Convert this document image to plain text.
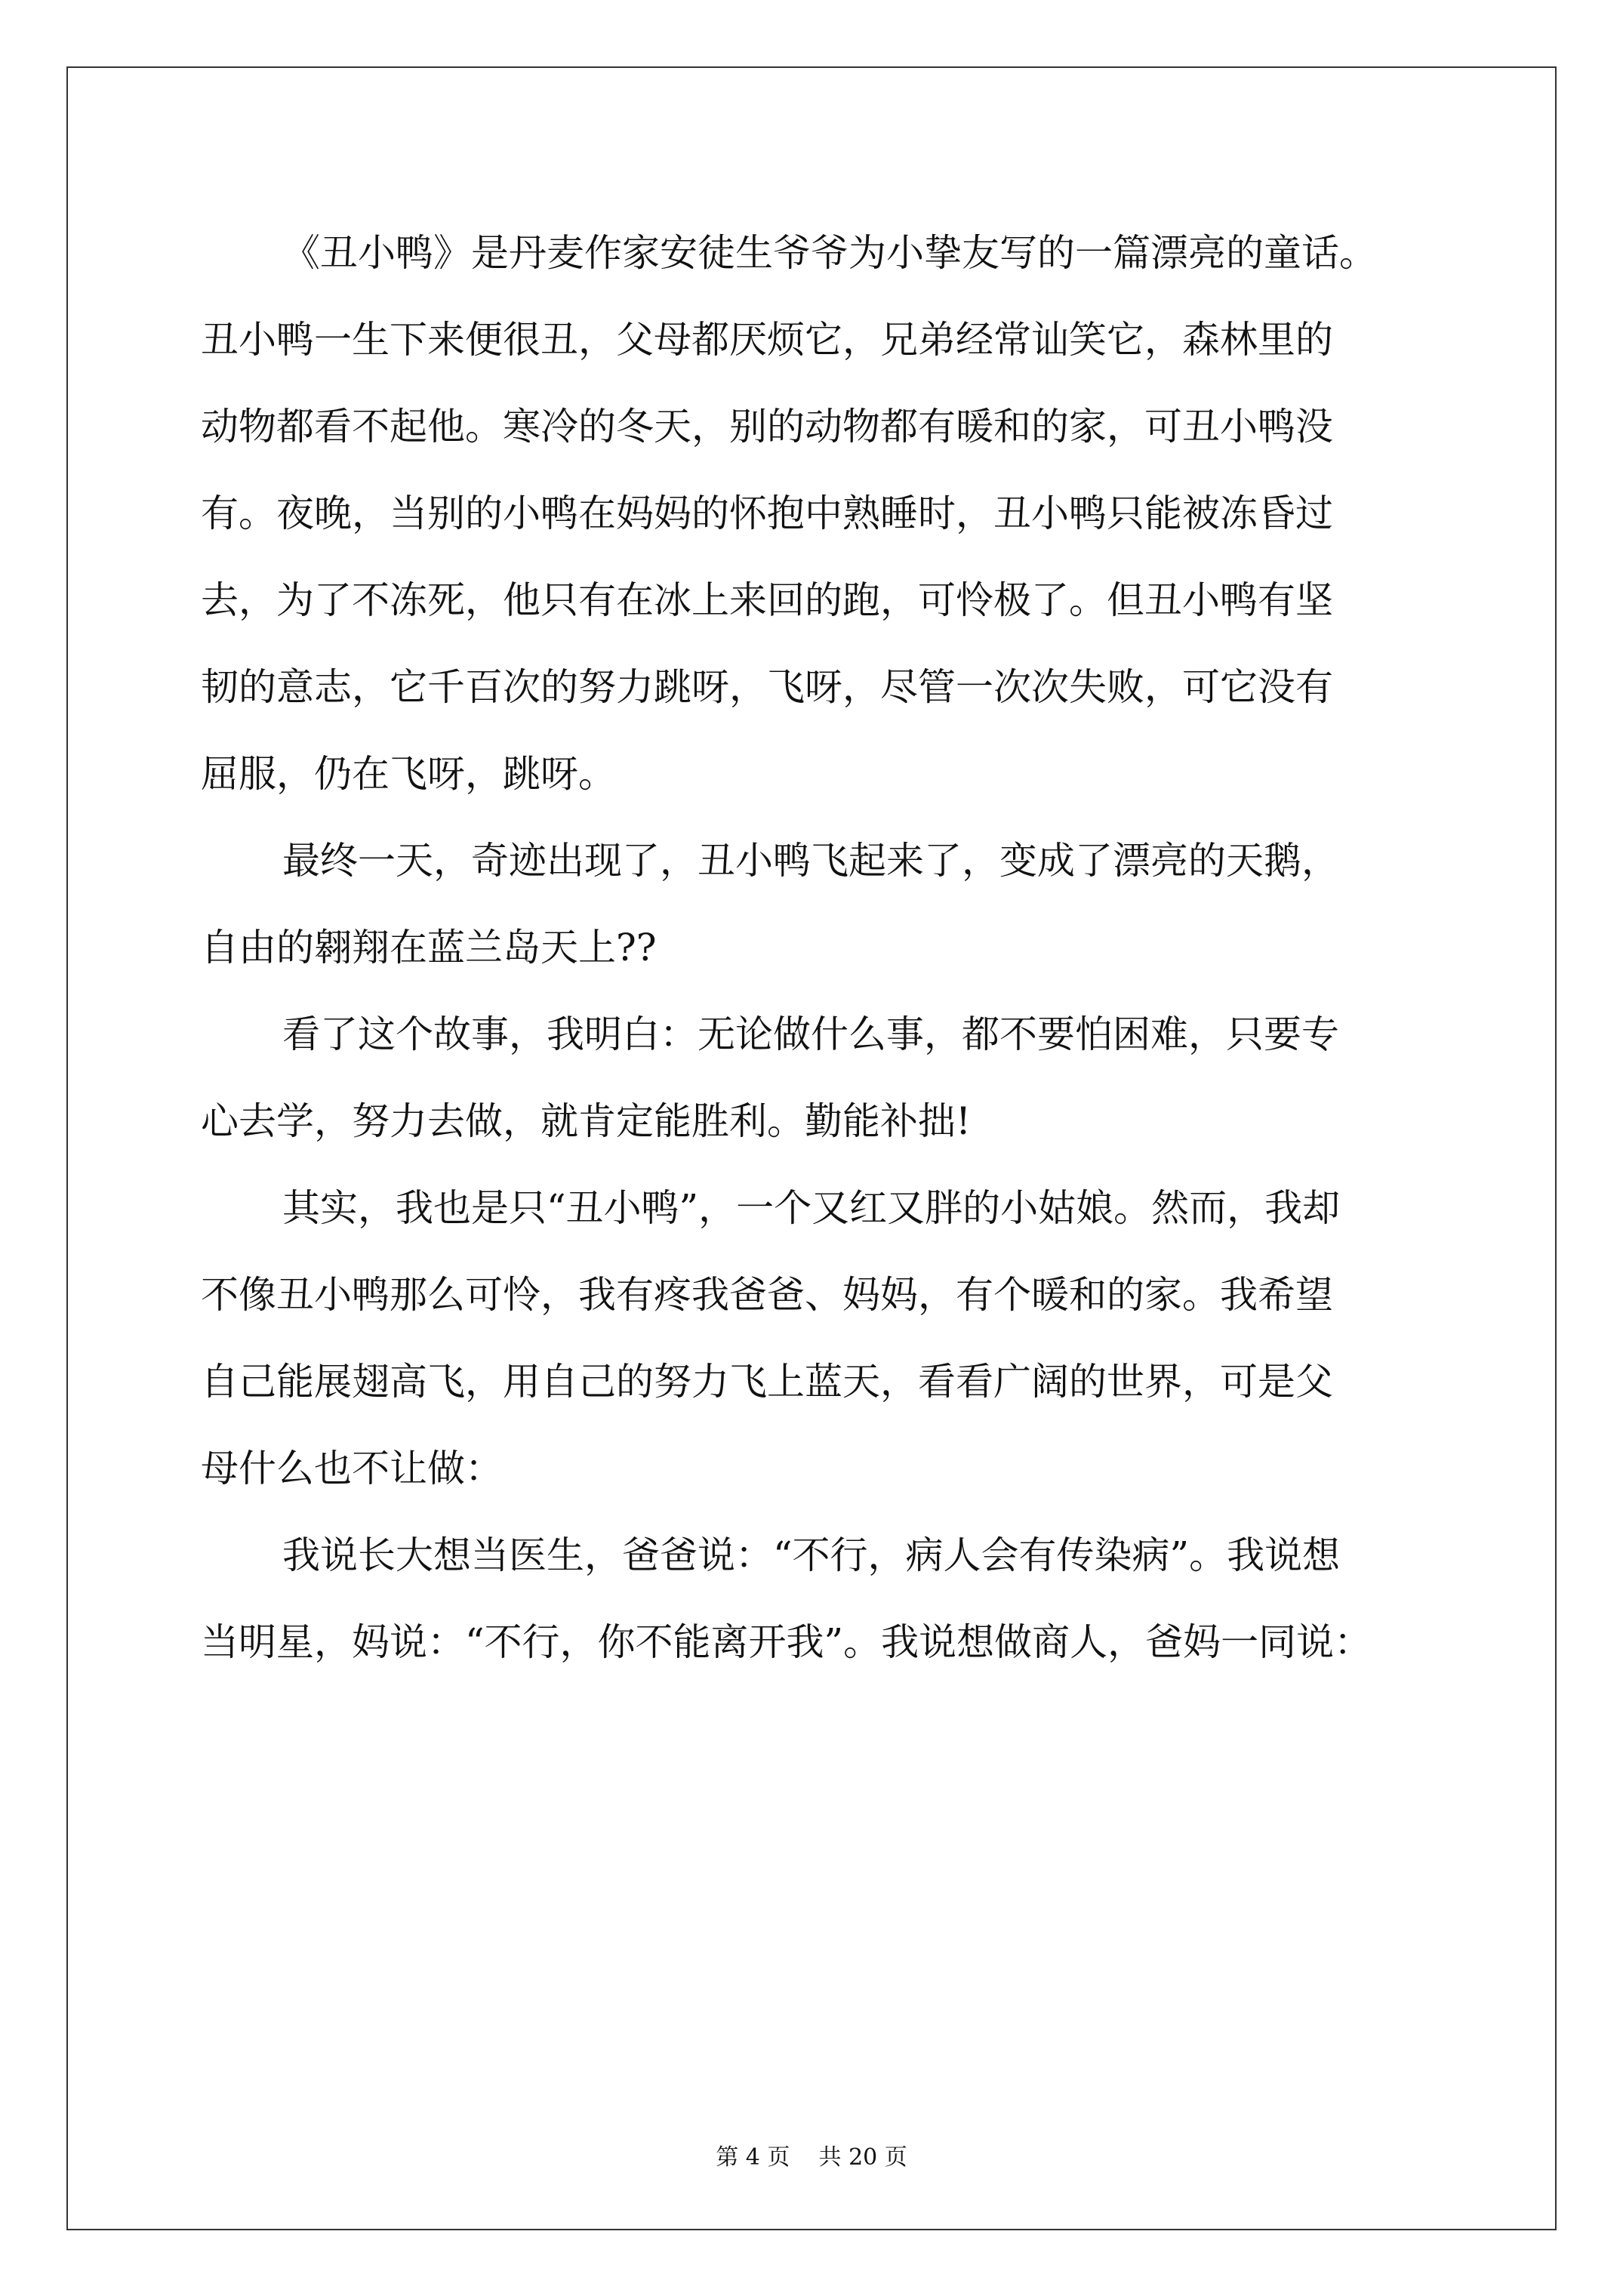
《丑小鸭》是丹麦作家安徒生爷爷为小挚友写的一篇漂亮的童话。
丑小鸭一生下来便很丑，父母都厌烦它，兄弟经常讪笑它，森林里的
动物都看不起他。寒冷的冬天，别的动物都有暖和的家，可丑小鸭没
有。夜晚，当别的小鸭在妈妈的怀抱中熟睡时，丑小鸭只能被冻昏过
去，为了不冻死，他只有在冰上来回的跑，可怜极了。但丑小鸭有坚
韧的意志，它千百次的努力跳呀，飞呀，尽管一次次失败，可它没有
屈服，仍在飞呀，跳呀。
最终一天，奇迹出现了，丑小鸭飞起来了，变成了漂亮的天鹅，
自由的翱翔在蓝兰岛天上??
看了这个故事，我明白：无论做什么事，都不要怕困难，只要专
心去学，努力去做，就肯定能胜利。勤能补拙!
其实，我也是只“丑小鸭”，一个又红又胖的小姑娘。然而，我却
不像丑小鸭那么可怜，我有疼我爸爸、妈妈，有个暖和的家。我希望
自己能展翅高飞，用自己的努力飞上蓝天，看看广阔的世界，可是父
母什么也不让做：
我说长大想当医生，爸爸说：“不行，病人会有传染病”。我说想
当明星，妈说：“不行，你不能离开我”。我说想做商人，爸妈一同说：
第 4 页 共 20 页
